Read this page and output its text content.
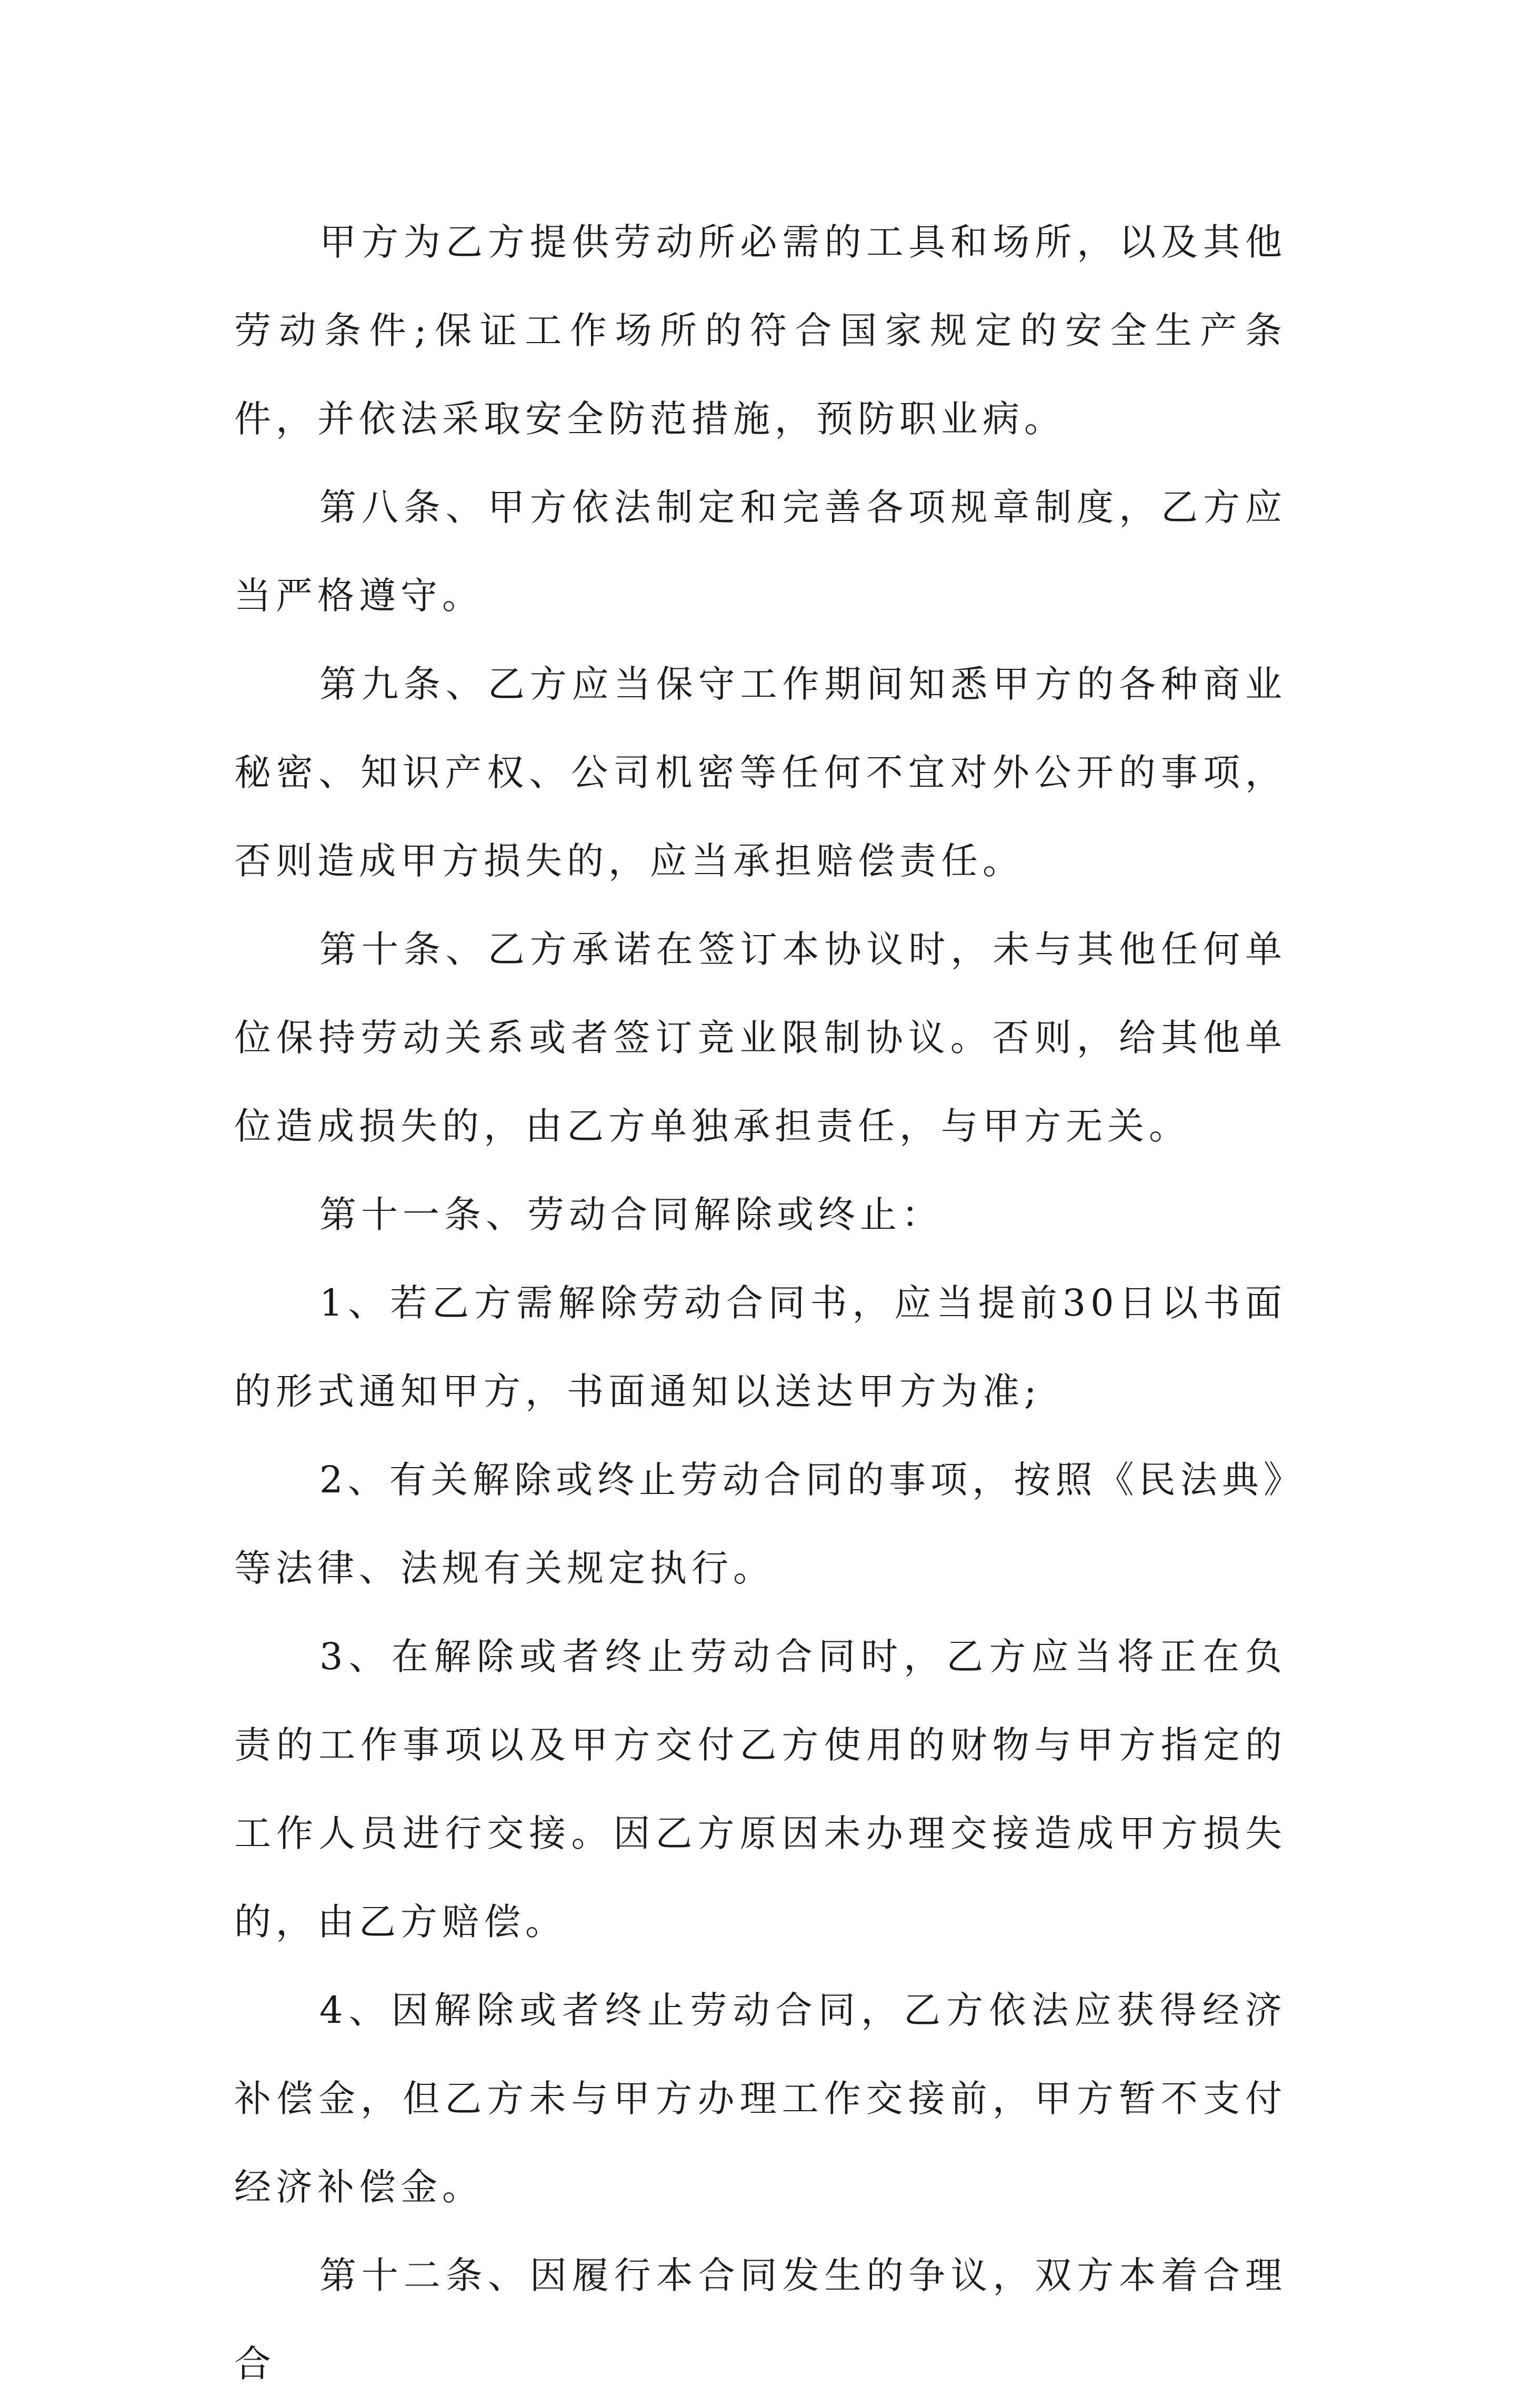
甲方为乙方提供劳动所必需的工具和场所，以及其他劳动条件;保证工作场所的符合国家规定的安全生产条件，并依法采取安全防范措施，预防职业病。

第八条、甲方依法制定和完善各项规章制度，乙方应当严格遵守。

第九条、乙方应当保守工作期间知悉甲方的各种商业秘密、知识产权、公司机密等任何不宜对外公开的事项，否则造成甲方损失的，应当承担赔偿责任。

第十条、乙方承诺在签订本协议时，未与其他任何单位保持劳动关系或者签订竞业限制协议。否则，给其他单位造成损失的，由乙方单独承担责任，与甲方无关。

第十一条、劳动合同解除或终止：

1、若乙方需解除劳动合同书，应当提前30日以书面的形式通知甲方，书面通知以送达甲方为准;

2、有关解除或终止劳动合同的事项，按照《民法典》等法律、法规有关规定执行。

3、在解除或者终止劳动合同时，乙方应当将正在负责的工作事项以及甲方交付乙方使用的财物与甲方指定的工作人员进行交接。因乙方原因未办理交接造成甲方损失的，由乙方赔偿。

4、因解除或者终止劳动合同，乙方依法应获得经济补偿金，但乙方未与甲方办理工作交接前，甲方暂不支付经济补偿金。

第十二条、因履行本合同发生的争议，双方本着合理合
